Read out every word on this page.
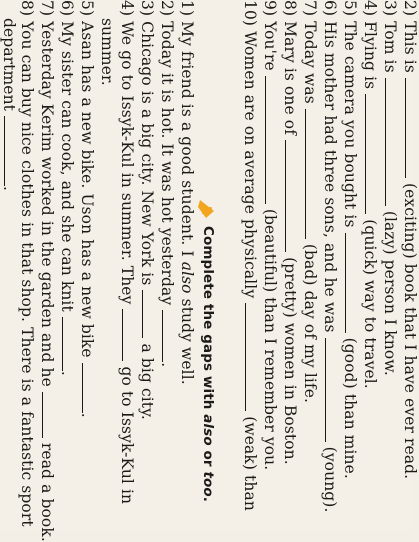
2) This is  (exciting) book that I have ever read.
3) Tom is  (lazy) person I know.
4) Flying is  (quick) way to travel.
5) The camera you bought is  (good) than mine.
6) His mother had three sons, and he was  (young).
7) Today was  (bad) day of my life.
8) Mary is one of  (pretty) women in Boston.
9) You're  (beautiful) than I remember you.
10) Women are on average physically  (weak) than
2
Complete the gaps with also or too.
1) My friend is a good student. I also study well.
2) Today it is hot. It was hot yesterday .
3) Chicago is a big city. New York is  a big city.
4) We go to Issyk-Kul in summer. They  go to Issyk-Kul in
summer.
5) Asan has a new bike. Uson has a new bike .
6) My sister can cook, and she can knit .
7) Yesterday Kerim worked in the garden and he  read a book.
8) You can buy nice clothes in that shop. There is a fantastic sport
department .
